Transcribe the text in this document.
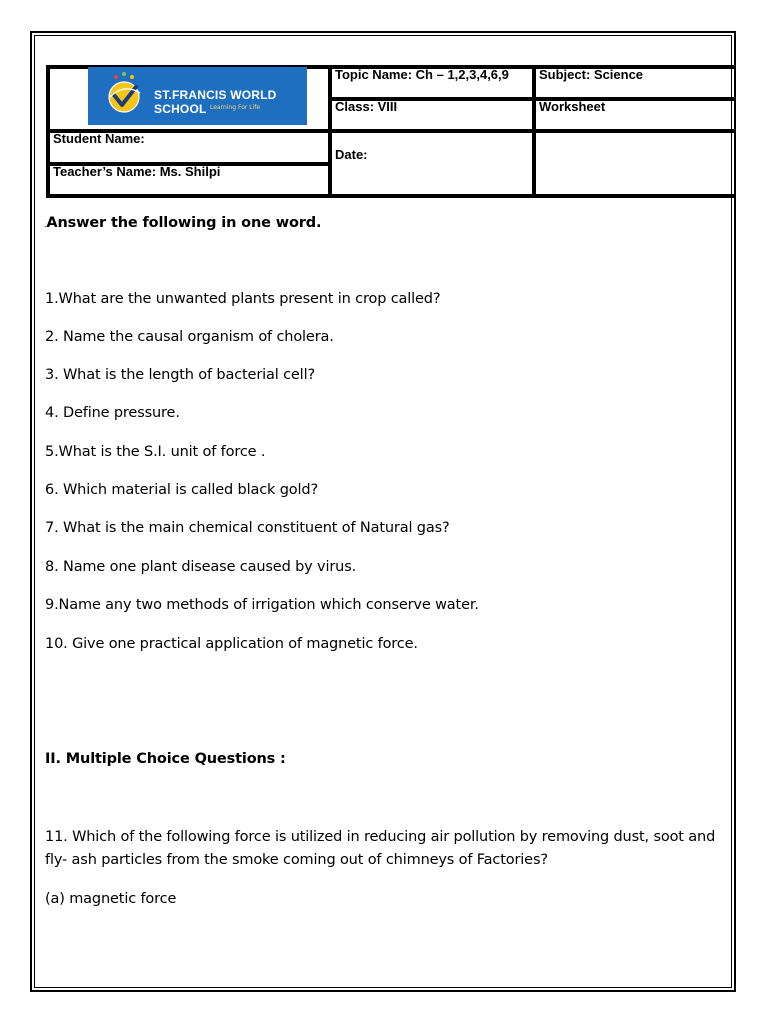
ST.FRANCIS WORLD SCHOOL Learning For Life
Topic Name: Ch – 1,2,3,4,6,9 Subject: Science
Class: VIII	Worksheet
Student Name:
Date:
Teacher’s Name: Ms. Shilpi
.Answer the following in one word.
1.What are the unwanted plants present in crop called?
2. Name the causal organism of cholera.
3. What is the length of bacterial cell?
4. Define pressure.
5.What is the S.I. unit of force .
6. Which material is called black gold?
7. What is the main chemical constituent of Natural gas?
8. Name one plant disease caused by virus.
9.Name any two methods of irrigation which conserve water.
10. Give one practical application of magnetic force.
II. Multiple Choice Questions :
11. Which of the following force is utilized in reducing air pollution by removing dust, soot and fly- ash particles from the smoke coming out of chimneys of Factories?
(a) magnetic force
